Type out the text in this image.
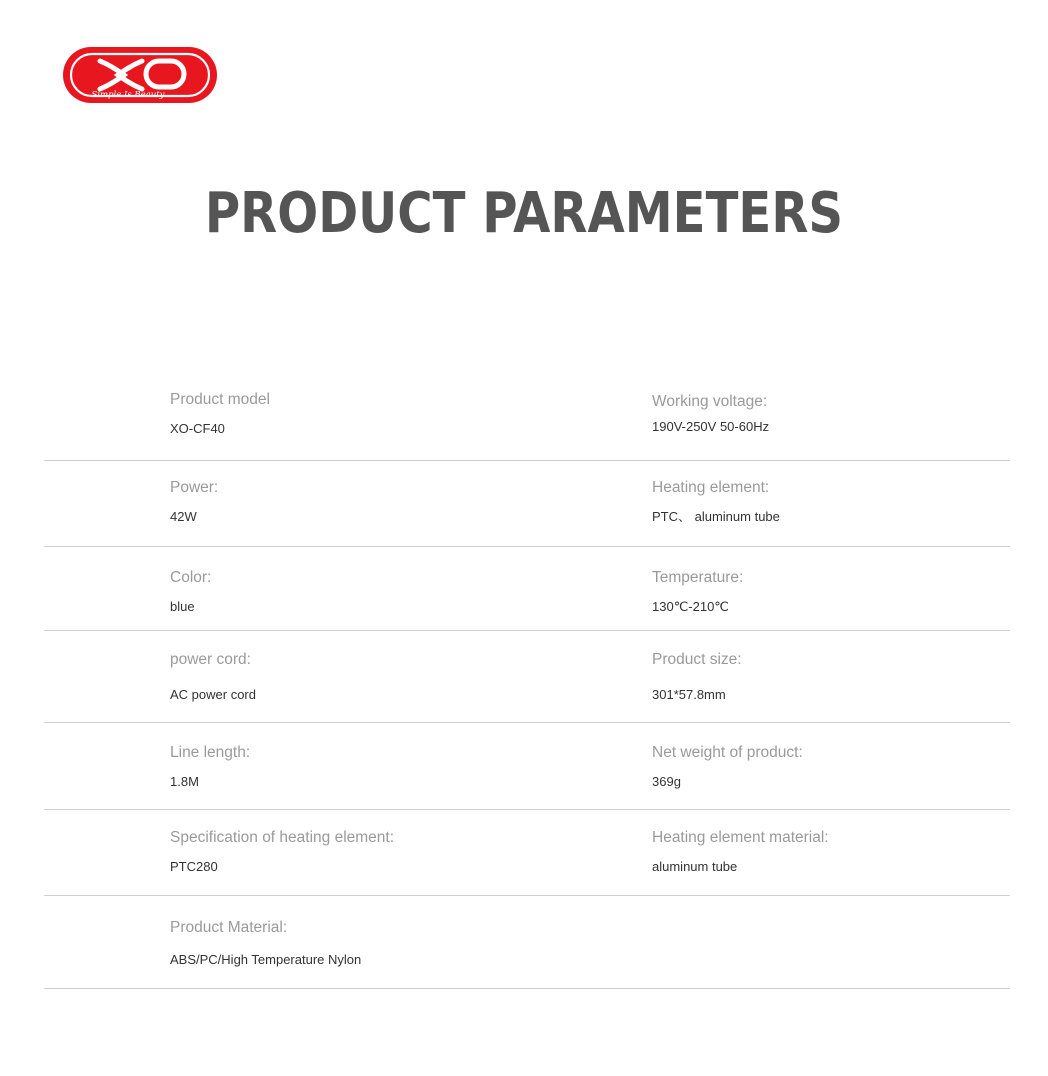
Simple Is Beauty
PRODUCT PARAMETERS
Product model
XO-CF40
Working voltage:
190V-250V 50-60Hz
Power:
42W
Heating element:
PTC、 aluminum tube
Color:
blue
Temperature:
130℃-210℃
power cord:
AC power cord
Product size:
301*57.8mm
Line length:
1.8M
Net weight of product:
369g
Specification of heating element:
PTC280
Heating element material:
aluminum tube
Product Material:
ABS/PC/High Temperature Nylon
